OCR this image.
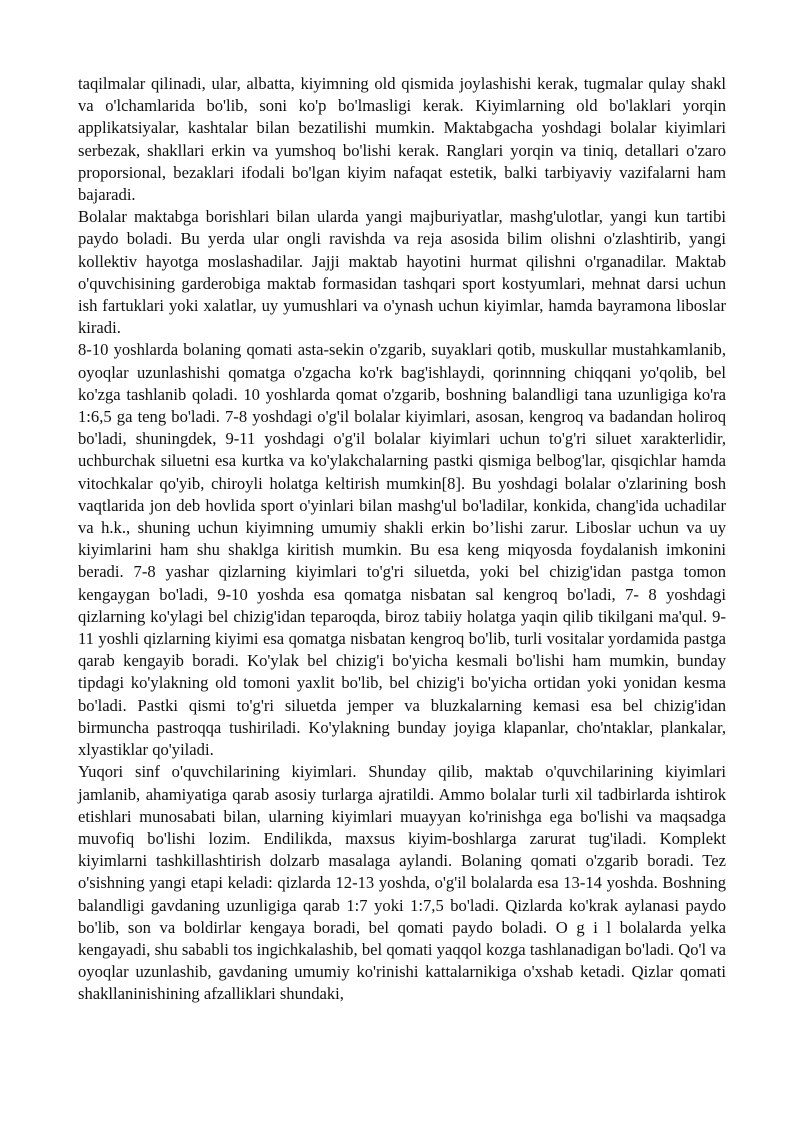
taqilmalar qilinadi, ular, albatta, kiyimning old qismida joylashishi kerak, tugmalar qulay shakl va o'lchamlarida bo'lib, soni ko'p bo'lmasligi kerak. Kiyimlarning old bo'laklari yorqin applikatsiyalar, kashtalar bilan bezatilishi mumkin. Maktabgacha yoshdagi bolalar kiyimlari serbezak, shakllari erkin va yumshoq bo'lishi kerak. Ranglari yorqin va tiniq, detallari o'zaro proporsional, bezaklari ifodali bo'lgan kiyim nafaqat estetik, balki tarbiyaviy vazifalarni ham bajaradi.

Bolalar maktabga borishlari bilan ularda yangi majburiyatlar, mashg'ulotlar, yangi kun tartibi paydo boladi. Bu yerda ular ongli ravishda va reja asosida bilim olishni o'zlashtirib, yangi kollektiv hayotga moslashadilar. Jajji maktab hayotini hurmat qilishni o'rganadilar. Maktab o'quvchisining garderobiga maktab formasidan tashqari sport kostyumlari, mehnat darsi uchun ish fartuklari yoki xalatlar, uy yumushlari va o'ynash uchun kiyimlar, hamda bayramona liboslar kiradi.

8-10 yoshlarda bolaning qomati asta-sekin o'zgarib, suyaklari qotib, muskullar mustahkamlanib, oyoqlar uzunlashishi qomatga o'zgacha ko'rk bag'ishlaydi, qorinnning chiqqani yo'qolib, bel ko'zga tashlanib qoladi. 10 yoshlarda qomat o'zgarib, boshning balandligi tana uzunligiga ko'ra 1:6,5 ga teng bo'ladi. 7-8 yoshdagi o'g'il bolalar kiyimlari, asosan, kengroq va badandan holiroq bo'ladi, shuningdek, 9-11 yoshdagi o'g'il bolalar kiyimlari uchun to'g'ri siluet xarakterlidir, uchburchak siluetni esa kurtka va ko'ylakchalarning pastki qismiga belbog'lar, qisqichlar hamda vitochkalar qo'yib, chiroyli holatga keltirish mumkin[8]. Bu yoshdagi bolalar o'zlarining bosh vaqtlarida jon deb hovlida sport o'yinlari bilan mashg'ul bo'ladilar, konkida, chang'ida uchadilar va h.k., shuning uchun kiyimning umumiy shakli erkin bo’lishi zarur. Liboslar uchun va uy kiyimlarini ham shu shaklga kiritish mumkin. Bu esa keng miqyosda foydalanish imkonini beradi. 7-8 yashar qizlarning kiyimlari to'g'ri siluetda, yoki bel chizig'idan pastga tomon kengaygan bo'ladi, 9-10 yoshda esa qomatga nisbatan sal kengroq bo'ladi, 7- 8 yoshdagi qizlarning ko'ylagi bel chizig'idan teparoqda, biroz tabiiy holatga yaqin qilib tikilgani ma'qul. 9-11 yoshli qizlarning kiyimi esa qomatga nisbatan kengroq bo'lib, turli vositalar yordamida pastga qarab kengayib boradi. Ko'ylak bel chizig'i bo'yicha kesmali bo'lishi ham mumkin, bunday tipdagi ko'ylakning old tomoni yaxlit bo'lib, bel chizig'i bo'yicha ortidan yoki yonidan kesma bo'ladi. Pastki qismi to'g'ri siluetda jemper va bluzkalarning kemasi esa bel chizig'idan birmuncha pastroqqa tushiriladi. Ko'ylakning bunday joyiga klapanlar, cho'ntaklar, plankalar, xlyastiklar qo'yiladi.

Yuqori sinf o'quvchilarining kiyimlari. Shunday qilib, maktab o'quvchilarining kiyimlari jamlanib, ahamiyatiga qarab asosiy turlarga ajratildi. Ammo bolalar turli xil tadbirlarda ishtirok etishlari munosabati bilan, ularning kiyimlari muayyan ko'rinishga ega bo'lishi va maqsadga muvofiq bo'lishi lozim. Endilikda, maxsus kiyim-boshlarga zarurat tug'iladi. Komplekt kiyimlarni tashkillashtirish dolzarb masalaga aylandi. Bolaning qomati o'zgarib boradi. Tez o'sishning yangi etapi keladi: qizlarda 12-13 yoshda, o'g'il bolalarda esa 13-14 yoshda. Boshning balandligi gavdaning uzunligiga qarab 1:7 yoki 1:7,5 bo'ladi. Qizlarda ko'krak aylanasi paydo bo'lib, son va boldirlar kengaya boradi, bel qomati paydo boladi. O g i l bolalarda yelka kengayadi, shu sababli tos ingichkalashib, bel qomati yaqqol kozga tashlanadigan bo'ladi. Qo'l va oyoqlar uzunlashib, gavdaning umumiy ko'rinishi kattalarnikiga o'xshab ketadi. Qizlar qomati shakllaninishining afzalliklari shundaki,
